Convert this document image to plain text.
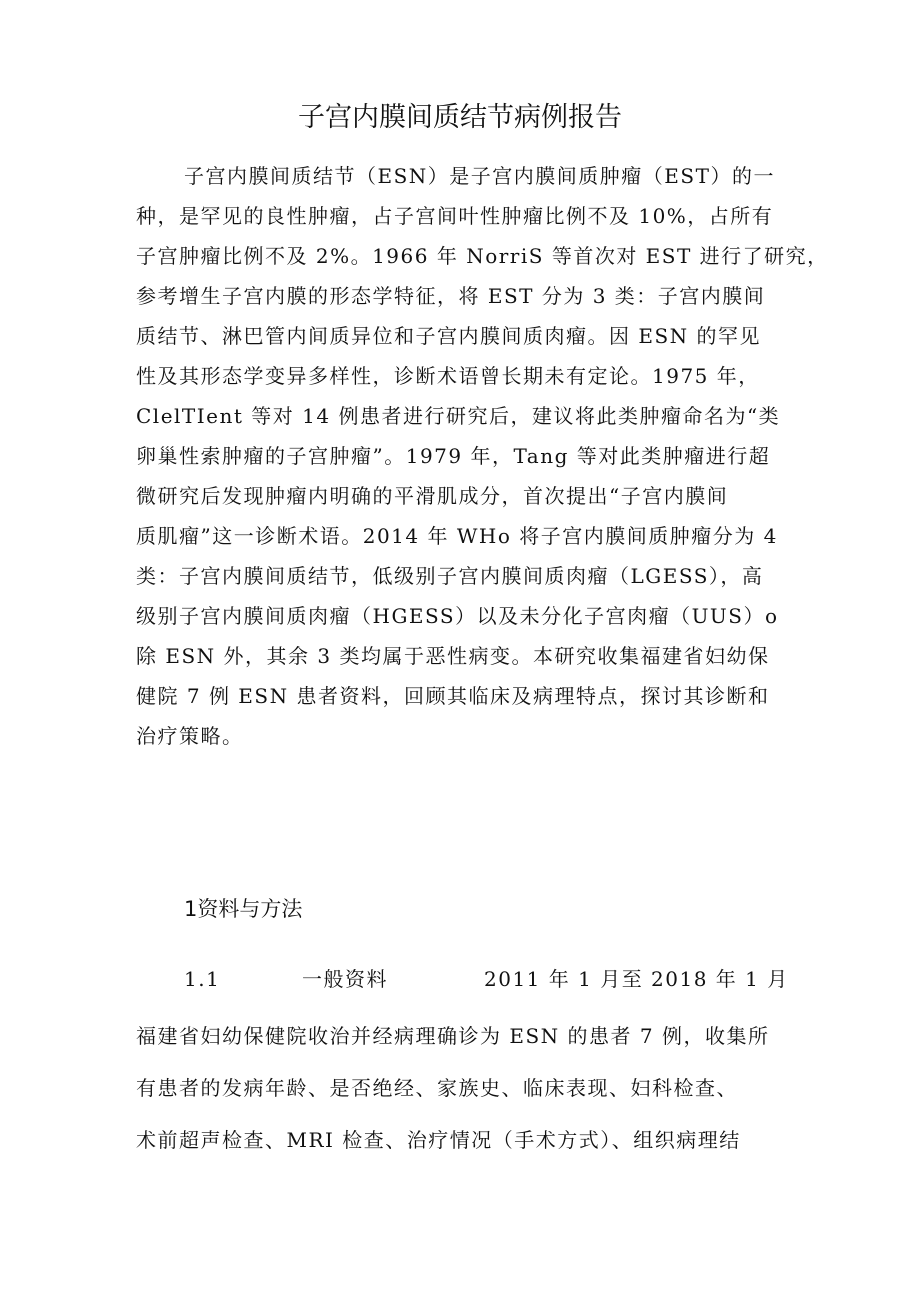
子宫内膜间质结节病例报告
子宫内膜间质结节（ESN）是子宫内膜间质肿瘤（EST）的一
种，是罕见的良性肿瘤，占子宫间叶性肿瘤比例不及 10%，占所有
子宫肿瘤比例不及 2%。1966 年 NorriS 等首次对 EST 进行了研究，
参考增生子宫内膜的形态学特征，将 EST 分为 3 类：子宫内膜间
质结节、淋巴管内间质异位和子宫内膜间质肉瘤。因 ESN 的罕见
性及其形态学变异多样性，诊断术语曾长期未有定论。1975 年，
ClelTIent 等对 14 例患者进行研究后，建议将此类肿瘤命名为“类
卵巢性索肿瘤的子宫肿瘤”。1979 年，Tang 等对此类肿瘤进行超
微研究后发现肿瘤内明确的平滑肌成分，首次提出“子宫内膜间
质肌瘤”这一诊断术语。2014 年 WHo 将子宫内膜间质肿瘤分为 4
类：子宫内膜间质结节，低级别子宫内膜间质肉瘤（LGESS），高
级别子宫内膜间质肉瘤（HGESS）以及未分化子宫肉瘤（UUS）o
除 ESN 外，其余 3 类均属于恶性病变。本研究收集福建省妇幼保
健院 7 例 ESN 患者资料，回顾其临床及病理特点，探讨其诊断和
治疗策略。
1资料与方法
1.1	一般资料	2011 年 1 月至 2018 年 1 月
福建省妇幼保健院收治并经病理确诊为 ESN 的患者 7 例，收集所
有患者的发病年龄、是否绝经、家族史、临床表现、妇科检查、
术前超声检查、MRI 检查、治疗情况（手术方式）、组织病理结
